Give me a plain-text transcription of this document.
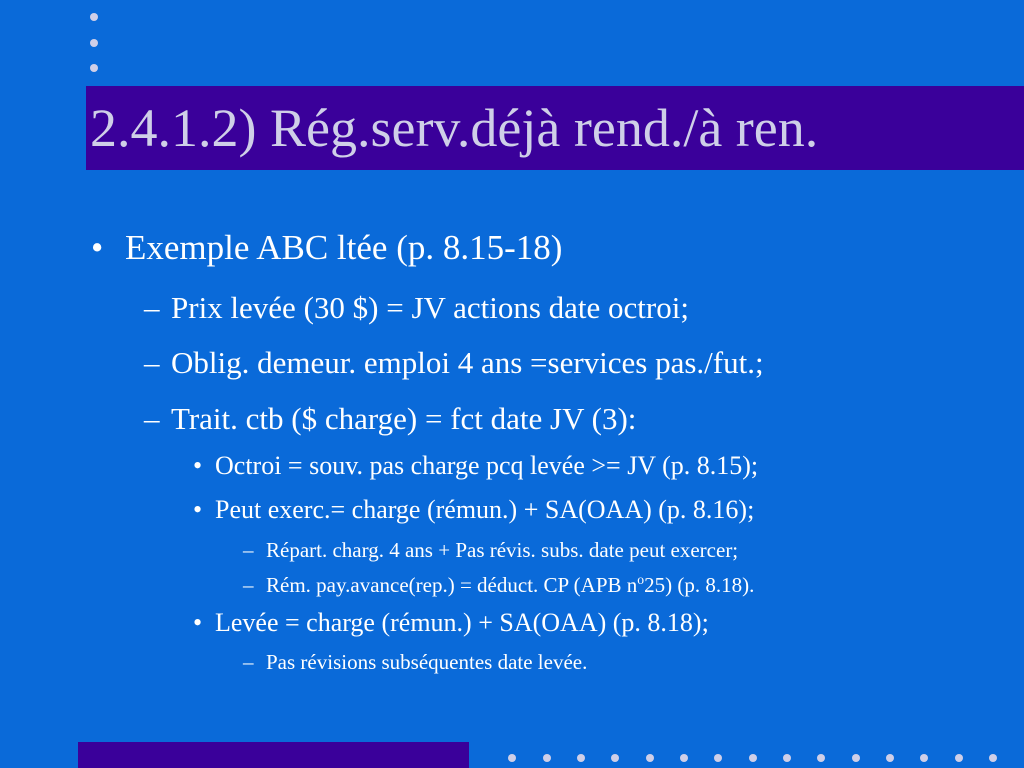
2.4.1.2) Rég.serv.déjà rend./à ren.
• Exemple ABC ltée (p. 8.15-18)

– Prix levée (30 $) = JV actions date octroi;

– Oblig. demeur. emploi 4 ans =services pas./fut.;

– Trait. ctb ($ charge) = fct date JV (3):

• Octroi = souv. pas charge pcq levée >= JV (p. 8.15);

• Peut exerc.= charge (rémun.) + SA(OAA) (p. 8.16);

– Répart. charg. 4 ans + Pas révis. subs. date peut exercer;

– Rém. pay.avance(rep.) = déduct. CP (APB $n^o25$) (p. 8.18).

• Levée = charge (rémun.) + SA(OAA) (p. 8.18);

– Pas révisions subséquentes date levée.
